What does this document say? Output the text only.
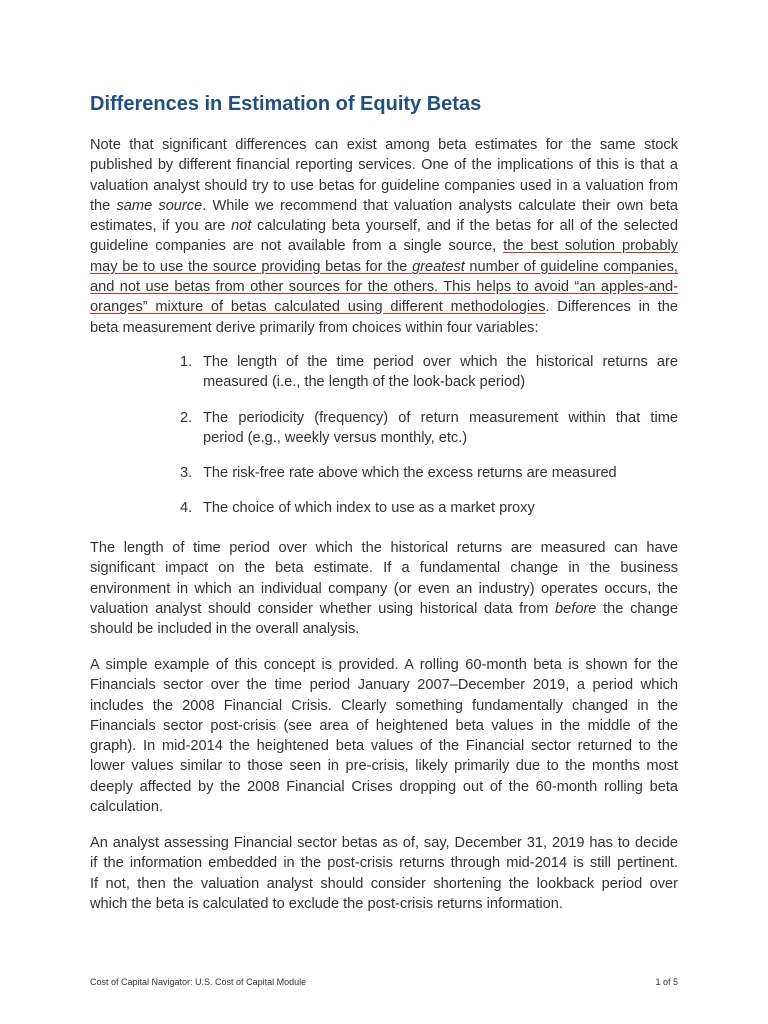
Differences in Estimation of Equity Betas
Note that significant differences can exist among beta estimates for the same stock
published by different financial reporting services. One of the implications of this is that a
valuation analyst should try to use betas for guideline companies used in a valuation from
the same source. While we recommend that valuation analysts calculate their own beta
estimates, if you are not calculating beta yourself, and if the betas for all of the selected
guideline companies are not available from a single source, the best solution probably
may be to use the source providing betas for the greatest number of guideline companies,
and not use betas from other sources for the others. This helps to avoid “an apples-and-
oranges” mixture of betas calculated using different methodologies. Differences in the
beta measurement derive primarily from choices within four variables:
1. The length of the time period over which the historical returns are
measured (i.e., the length of the look-back period)
2. The periodicity (frequency) of return measurement within that time
period (e.g., weekly versus monthly, etc.)
3. The risk-free rate above which the excess returns are measured
4. The choice of which index to use as a market proxy
The length of time period over which the historical returns are measured can have
significant impact on the beta estimate. If a fundamental change in the business
environment in which an individual company (or even an industry) operates occurs, the
valuation analyst should consider whether using historical data from before the change
should be included in the overall analysis.
A simple example of this concept is provided. A rolling 60-month beta is shown for the
Financials sector over the time period January 2007–December 2019, a period which
includes the 2008 Financial Crisis. Clearly something fundamentally changed in the
Financials sector post-crisis (see area of heightened beta values in the middle of the
graph). In mid-2014 the heightened beta values of the Financial sector returned to the
lower values similar to those seen in pre-crisis, likely primarily due to the months most
deeply affected by the 2008 Financial Crises dropping out of the 60-month rolling beta
calculation.
An analyst assessing Financial sector betas as of, say, December 31, 2019 has to decide
if the information embedded in the post-crisis returns through mid-2014 is still pertinent.
If not, then the valuation analyst should consider shortening the lookback period over
which the beta is calculated to exclude the post-crisis returns information.
Cost of Capital Navigator: U.S. Cost of Capital Module	1 of 5
